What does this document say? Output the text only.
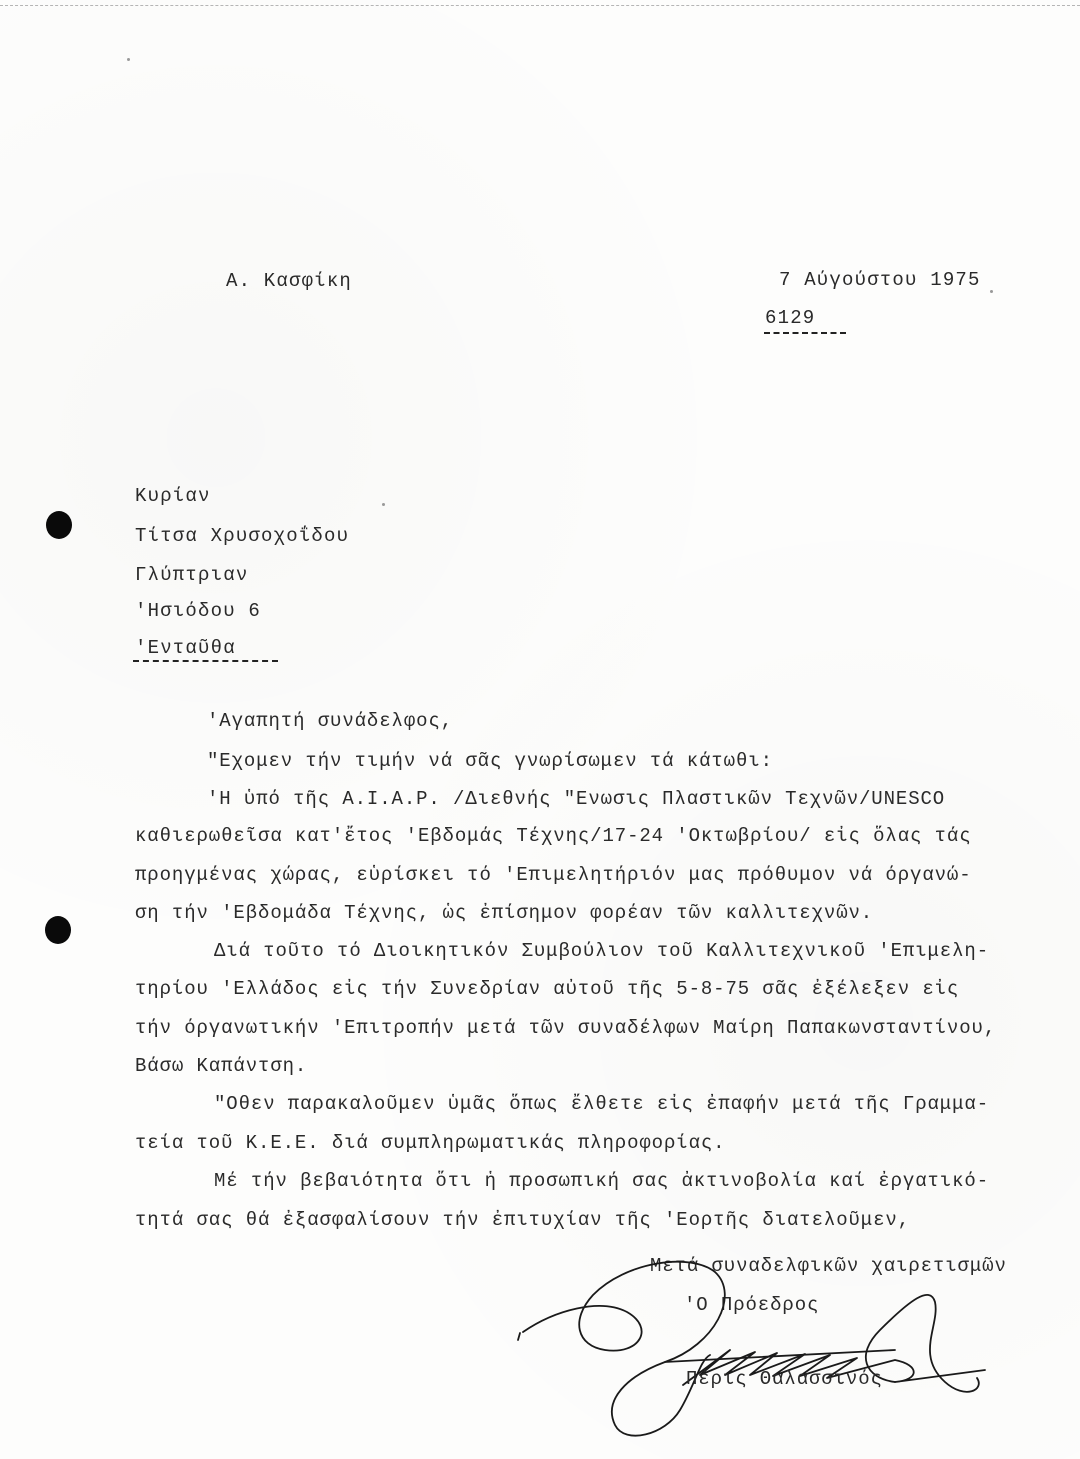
Α. Κασφίκη	7 Αύγούστου 1975
6129
Κυρίαν
Τίτσα Χρυσοχοΐδου
Γλύπτριαν
'Ησιόδου 6
'Ενταῦθα
'Αγαπητή συνάδελφος,
"Εχομεν τήν τιμήν νά σᾶς γνωρίσωμεν τά κάτωθι:
'Η ὑπό τῆς Α.Ι.Α.Ρ. /Διεθνής "Ενωσις Πλαστικῶν Τεχνῶν/UNESCO
καθιερωθεῖσα κατ'ἔτος 'Εβδομάς Τέχνης/17-24 'Οκτωβρίου/ εἰς ὅλας τάς
προηγμένας χώρας, εὑρίσκει τό 'Επιμελητήριόν μας πρόθυμον νά όργανώ-
ση τήν 'Εβδομάδα Τέχνης, ὡς ἐπίσημον φορέαν τῶν καλλιτεχνῶν.
Διά τοῦτο τό Διοικητικόν Συμβούλιον τοῦ Καλλιτεχνικοῦ 'Επιμελη-
τηρίου 'Ελλάδος εἰς τήν Συνεδρίαν αὐτοῦ τῆς 5-8-75 σᾶς ἐξέλεξεν εἰς
τήν όργανωτικήν 'Επιτροπήν μετά τῶν συναδέλφων Μαίρη Παπακωνσταντίνου,
Βάσω Καπάντση.
"Οθεν παρακαλοῦμεν ὑμᾶς ὅπως ἔλθετε εἰς ἐπαφήν μετά τῆς Γραμμα-
τεία τοῦ Κ.Ε.Ε. διά συμπληρωματικάς πληροφορίας.
Μέ τήν βεβαιότητα ὅτι ἡ προσωπική σας ἀκτινοβολία καί ἐργατικό-
τητά σας θά ἐξασφαλίσουν τήν ἐπιτυχίαν τῆς 'Εορτῆς διατελοῦμεν,
Μετά συναδελφικῶν χαιρετισμῶν
'Ο Πρόεδρος
Πέρις Θαλασσινός
